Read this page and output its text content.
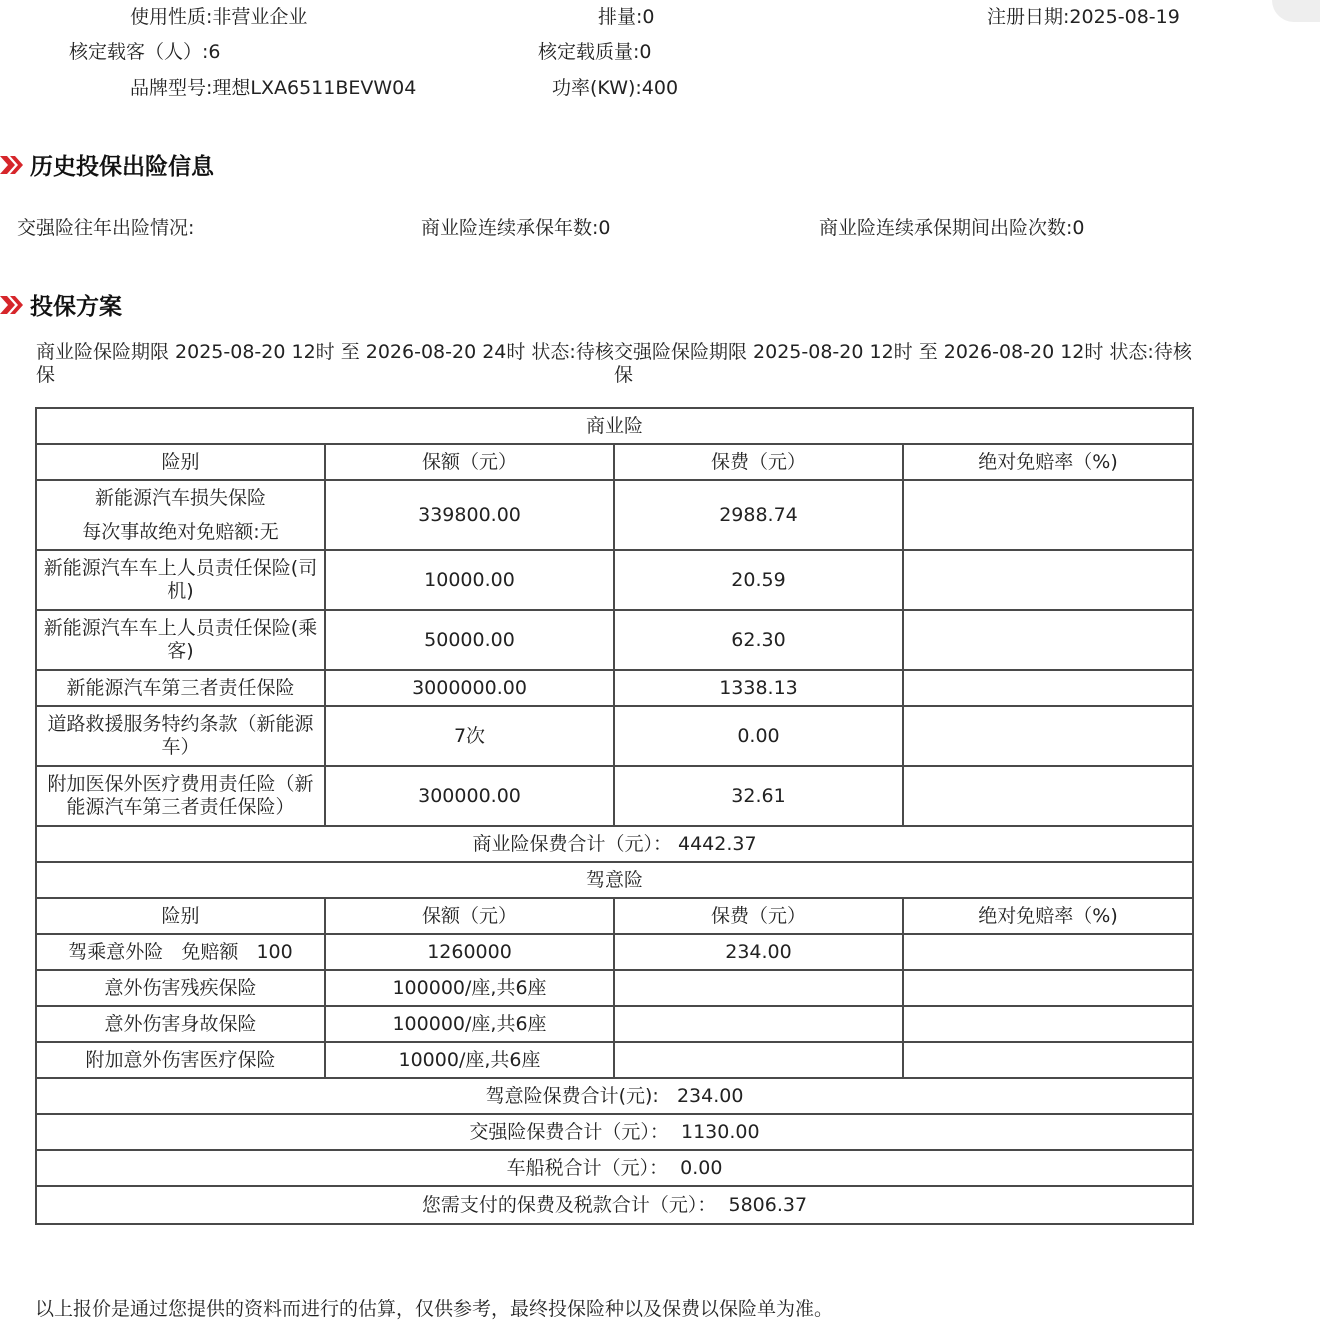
使用性质:非营业企业	排量:0	注册日期:2025-08-19
核定载客（人）:6	核定载质量:0
品牌型号:理想LXA6511BEVW04	功率(KW):400
历史投保出险信息
交强险往年出险情况:	商业险连续承保年数:0	商业险连续承保期间出险次数:0
投保方案
商业险保险期限 2025-08-20 12时 至 2026-08-20 24时 状态:待核保
交强险保险期限 2025-08-20 12时 至 2026-08-20 12时 状态:待核保
商业险			
险别	保额（元）	保费（元）	绝对免赔率（%)

新能源汽车损失保险
每次事故绝对免赔额:无	339800.00	2988.74	
新能源汽车车上人员责任保险(司机)	10000.00	20.59	
新能源汽车车上人员责任保险(乘客)	50000.00	62.30	
新能源汽车第三者责任保险	3000000.00	1338.13	
道路救援服务特约条款（新能源车）	7次	0.00	
附加医保外医疗费用责任险（新能源汽车第三者责任保险）	300000.00	32.61	
商业险保费合计（元）： 4442.37			
驾意险			
险别	保额（元）	保费（元）	绝对免赔率（%)
驾乘意外险   免赔额   100	1260000	234.00	
意外伤害残疾保险	100000/座,共6座		
意外伤害身故保险	100000/座,共6座		
附加意外伤害医疗保险	10000/座,共6座		
驾意险保费合计(元):   234.00			
交强险保费合计（元）：  1130.00			
车船税合计（元）：  0.00			
您需支付的保费及税款合计（元）：  5806.37			
以上报价是通过您提供的资料而进行的估算，仅供参考，最终投保险种以及保费以保险单为准。
